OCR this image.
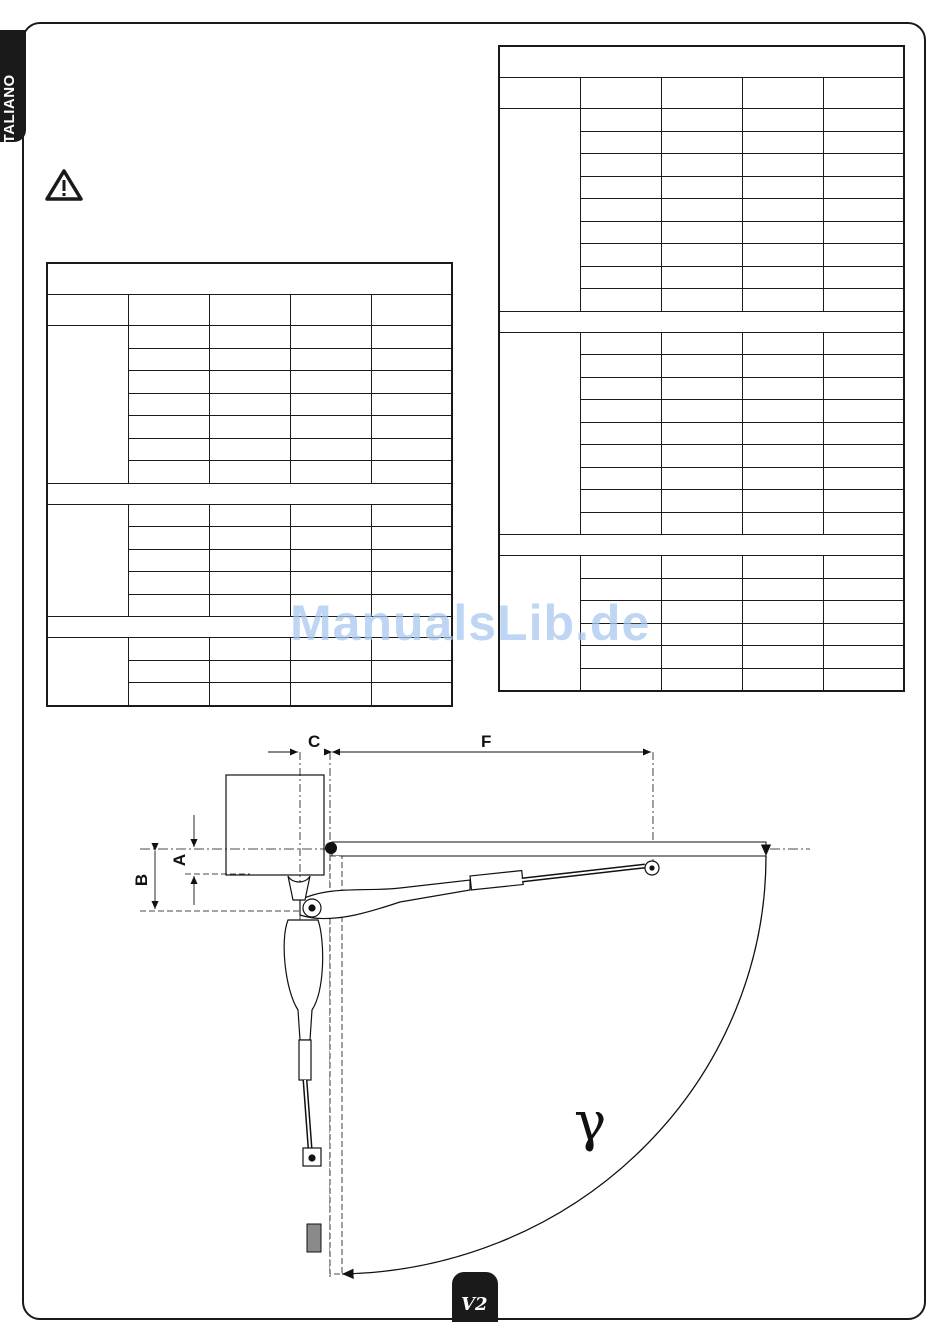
ITALIANO

ManualsLib.de
C	F
A
B
γ
V2
